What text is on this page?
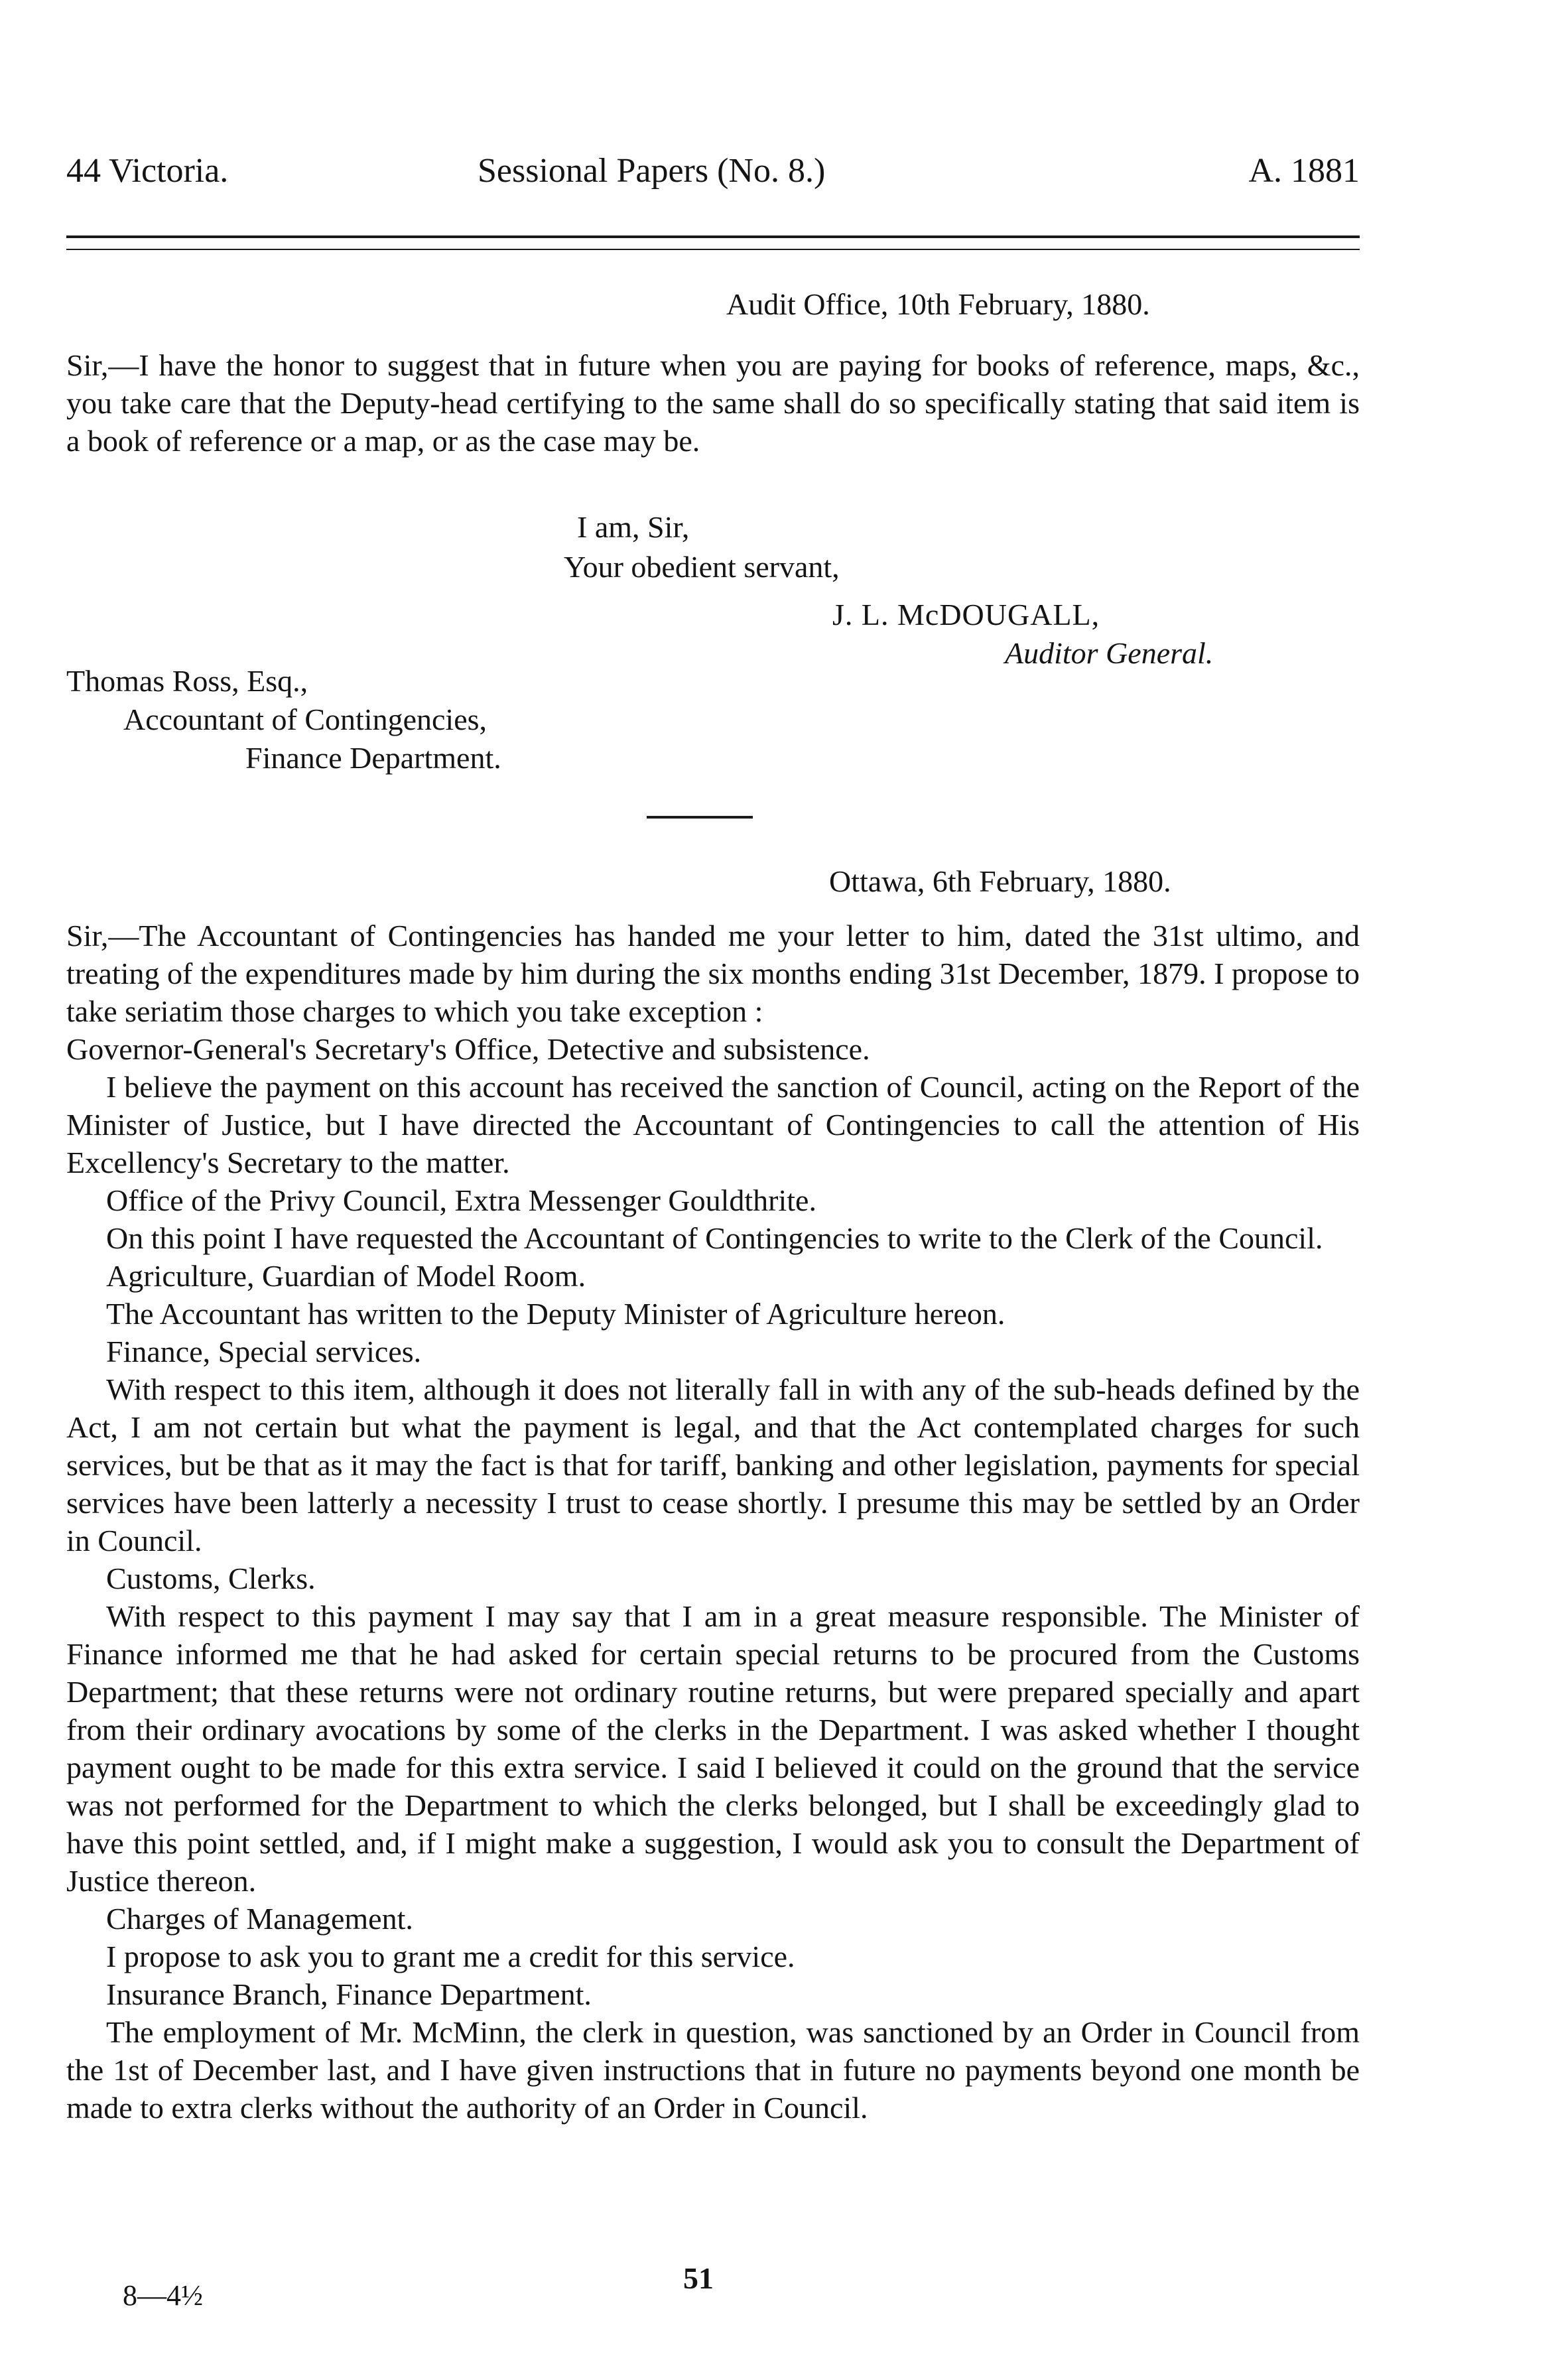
44 Victoria.	Sessional Papers (No. 8.)	A. 1881
Audit Office, 10th February, 1880.

Sir,—I have the honor to suggest that in future when you are paying for books of reference, maps, &c., you take care that the Deputy-head certifying to the same shall do so specifically stating that said item is a book of reference or a map, or as the case may be.

I am, Sir,
Your obedient servant,
J. L. McDOUGALL,
Auditor General.
Thomas Ross, Esq.,
Accountant of Contingencies,
Finance Department.
Ottawa, 6th February, 1880.

Sir,—The Accountant of Contingencies has handed me your letter to him, dated the 31st ultimo, and treating of the expenditures made by him during the six months ending 31st December, 1879. I propose to take seriatim those charges to which you take exception :

Governor-General's Secretary's Office, Detective and subsistence.

I believe the payment on this account has received the sanction of Council, acting on the Report of the Minister of Justice, but I have directed the Accountant of Contingencies to call the attention of His Excellency's Secretary to the matter.

Office of the Privy Council, Extra Messenger Gouldthrite.

On this point I have requested the Accountant of Contingencies to write to the Clerk of the Council.

Agriculture, Guardian of Model Room.

The Accountant has written to the Deputy Minister of Agriculture hereon.

Finance, Special services.

With respect to this item, although it does not literally fall in with any of the sub-heads defined by the Act, I am not certain but what the payment is legal, and that the Act contemplated charges for such services, but be that as it may the fact is that for tariff, banking and other legislation, payments for special services have been latterly a necessity I trust to cease shortly. I presume this may be settled by an Order in Council.

Customs, Clerks.

With respect to this payment I may say that I am in a great measure responsible. The Minister of Finance informed me that he had asked for certain special returns to be procured from the Customs Department; that these returns were not ordinary routine returns, but were prepared specially and apart from their ordinary avocations by some of the clerks in the Department. I was asked whether I thought payment ought to be made for this extra service. I said I believed it could on the ground that the service was not performed for the Department to which the clerks belonged, but I shall be exceedingly glad to have this point settled, and, if I might make a suggestion, I would ask you to consult the Department of Justice thereon.

Charges of Management.

I propose to ask you to grant me a credit for this service.

Insurance Branch, Finance Department.

The employment of Mr. McMinn, the clerk in question, was sanctioned by an Order in Council from the 1st of December last, and I have given instructions that in future no payments beyond one month be made to extra clerks without the authority of an Order in Council.

8—4½
51
